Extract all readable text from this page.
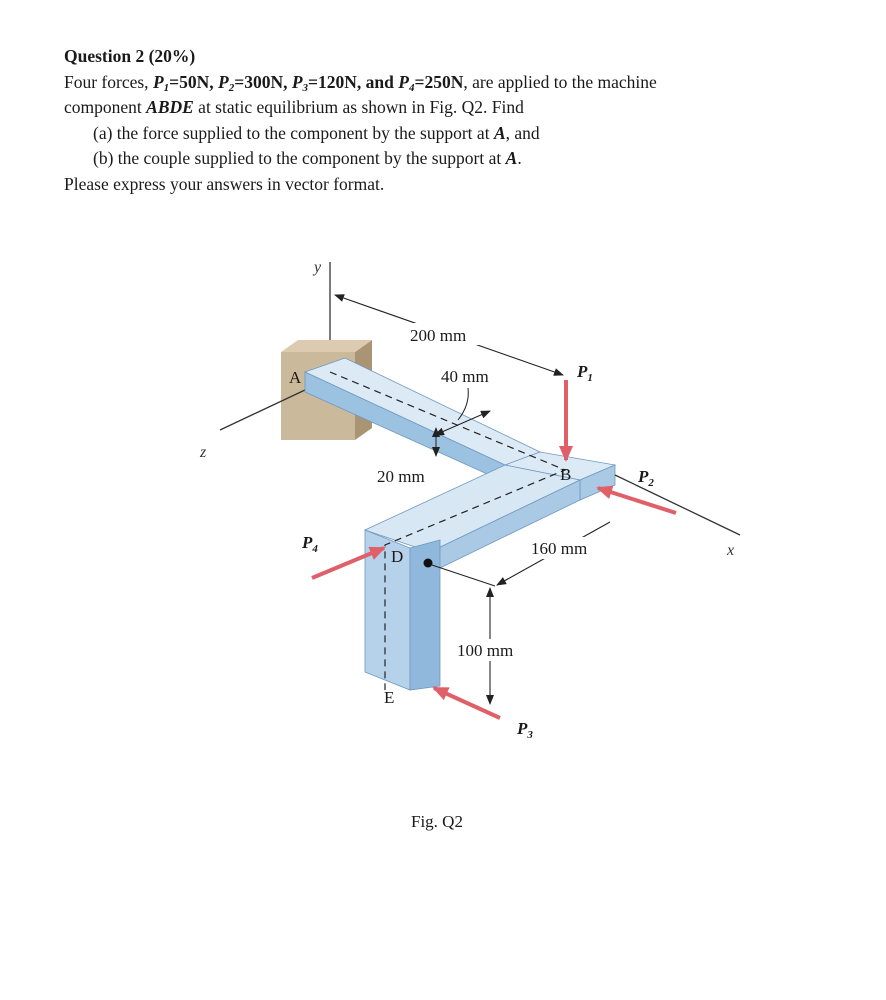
Question 2 (20%)
Four forces, $P_1=50N$, $P_2=300N$, $P_3=120N$, and $P_4=250N$, are applied to the machine
component ABDE at static equilibrium as shown in Fig. Q2. Find
(a) the force supplied to the component by the support at A, and
(b) the couple supplied to the component by the support at A.
Please express your answers in vector format.
y
z
x
A
B
D
E
200 mm
40 mm
20 mm
160 mm
100 mm
$P_1$
$P_2$
$P_3$
$P_4$
Fig. Q2
